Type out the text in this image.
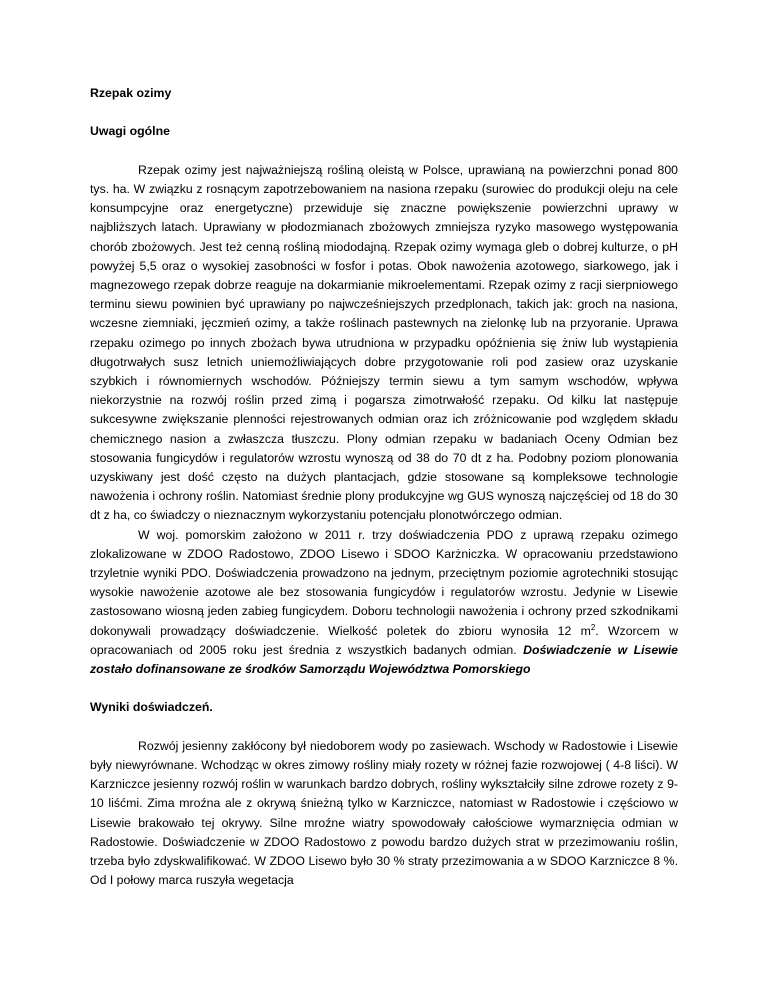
Rzepak ozimy

Uwagi ogólne

Rzepak ozimy jest najważniejszą rośliną oleistą w Polsce, uprawianą na powierzchni ponad 800 tys. ha. W związku z rosnącym zapotrzebowaniem na nasiona rzepaku (surowiec do produkcji oleju na cele konsumpcyjne oraz energetyczne) przewiduje się znaczne powiększenie powierzchni uprawy w najbliższych latach. Uprawiany w płodozmianach zbożowych zmniejsza ryzyko masowego występowania chorób zbożowych. Jest też cenną rośliną miododajną. Rzepak ozimy wymaga gleb o dobrej kulturze, o pH powyżej 5,5 oraz o wysokiej zasobności w fosfor i potas. Obok nawożenia azotowego, siarkowego, jak i magnezowego rzepak dobrze reaguje na dokarmianie mikroelementami. Rzepak ozimy z racji sierpniowego terminu siewu powinien być uprawiany po najwcześniejszych przedplonach, takich jak: groch na nasiona, wczesne ziemniaki, jęczmień ozimy, a także roślinach pastewnych na zielonkę lub na przyoranie. Uprawa rzepaku ozimego po innych zbożach bywa utrudniona w przypadku opóźnienia się żniw lub wystąpienia długotrwałych susz letnich uniemożliwiających dobre przygotowanie roli pod zasiew oraz uzyskanie szybkich i równomiernych wschodów. Późniejszy termin siewu a tym samym wschodów, wpływa niekorzystnie na rozwój roślin przed zimą i pogarsza zimotrwałość rzepaku. Od kilku lat następuje sukcesywne zwiększanie plenności rejestrowanych odmian oraz ich zróżnicowanie pod względem składu chemicznego nasion a zwłaszcza tłuszczu. Plony odmian rzepaku w badaniach Oceny Odmian bez stosowania fungicydów i regulatorów wzrostu wynoszą od 38 do 70 dt z ha. Podobny poziom plonowania uzyskiwany jest dość często na dużych plantacjach, gdzie stosowane są kompleksowe technologie nawożenia i ochrony roślin. Natomiast średnie plony produkcyjne wg GUS wynoszą najczęściej od 18 do 30 dt z ha, co świadczy o nieznacznym wykorzystaniu potencjału plonotwórczego odmian.

W woj. pomorskim założono w 2011 r. trzy doświadczenia PDO z uprawą rzepaku ozimego zlokalizowane w ZDOO Radostowo, ZDOO Lisewo i SDOO Karżniczka. W opracowaniu przedstawiono trzyletnie wyniki PDO. Doświadczenia prowadzono na jednym, przeciętnym poziomie agrotechniki stosując wysokie nawożenie azotowe ale bez stosowania fungicydów i regulatorów wzrostu. Jedynie w Lisewie zastosowano wiosną jeden zabieg fungicydem. Doboru technologii nawożenia i ochrony przed szkodnikami dokonywali prowadzący doświadczenie. Wielkość poletek do zbioru wynosiła 12 $m^2$. Wzorcem w opracowaniach od 2005 roku jest średnia z wszystkich badanych odmian. Doświadczenie w Lisewie zostało dofinansowane ze środków Samorządu Województwa Pomorskiego

Wyniki doświadczeń.

Rozwój jesienny zakłócony był niedoborem wody po zasiewach. Wschody w Radostowie i Lisewie były niewyrównane. Wchodząc w okres zimowy rośliny miały rozety w różnej fazie rozwojowej ( 4-8 liści). W Karzniczce jesienny rozwój roślin w warunkach bardzo dobrych, rośliny wykształciły silne zdrowe rozety z 9-10 liśćmi. Zima mroźna ale z okrywą śnieżną tylko w Karzniczce, natomiast w Radostowie i częściowo w Lisewie brakowało tej okrywy. Silne mroźne wiatry spowodowały całościowe wymarznięcia odmian w Radostowie. Doświadczenie w ZDOO Radostowo z powodu bardzo dużych strat w przezimowaniu roślin, trzeba było zdyskwalifikować. W ZDOO Lisewo było 30 % straty przezimowania a w SDOO Karzniczce 8 %. Od I połowy marca ruszyła wegetacja
